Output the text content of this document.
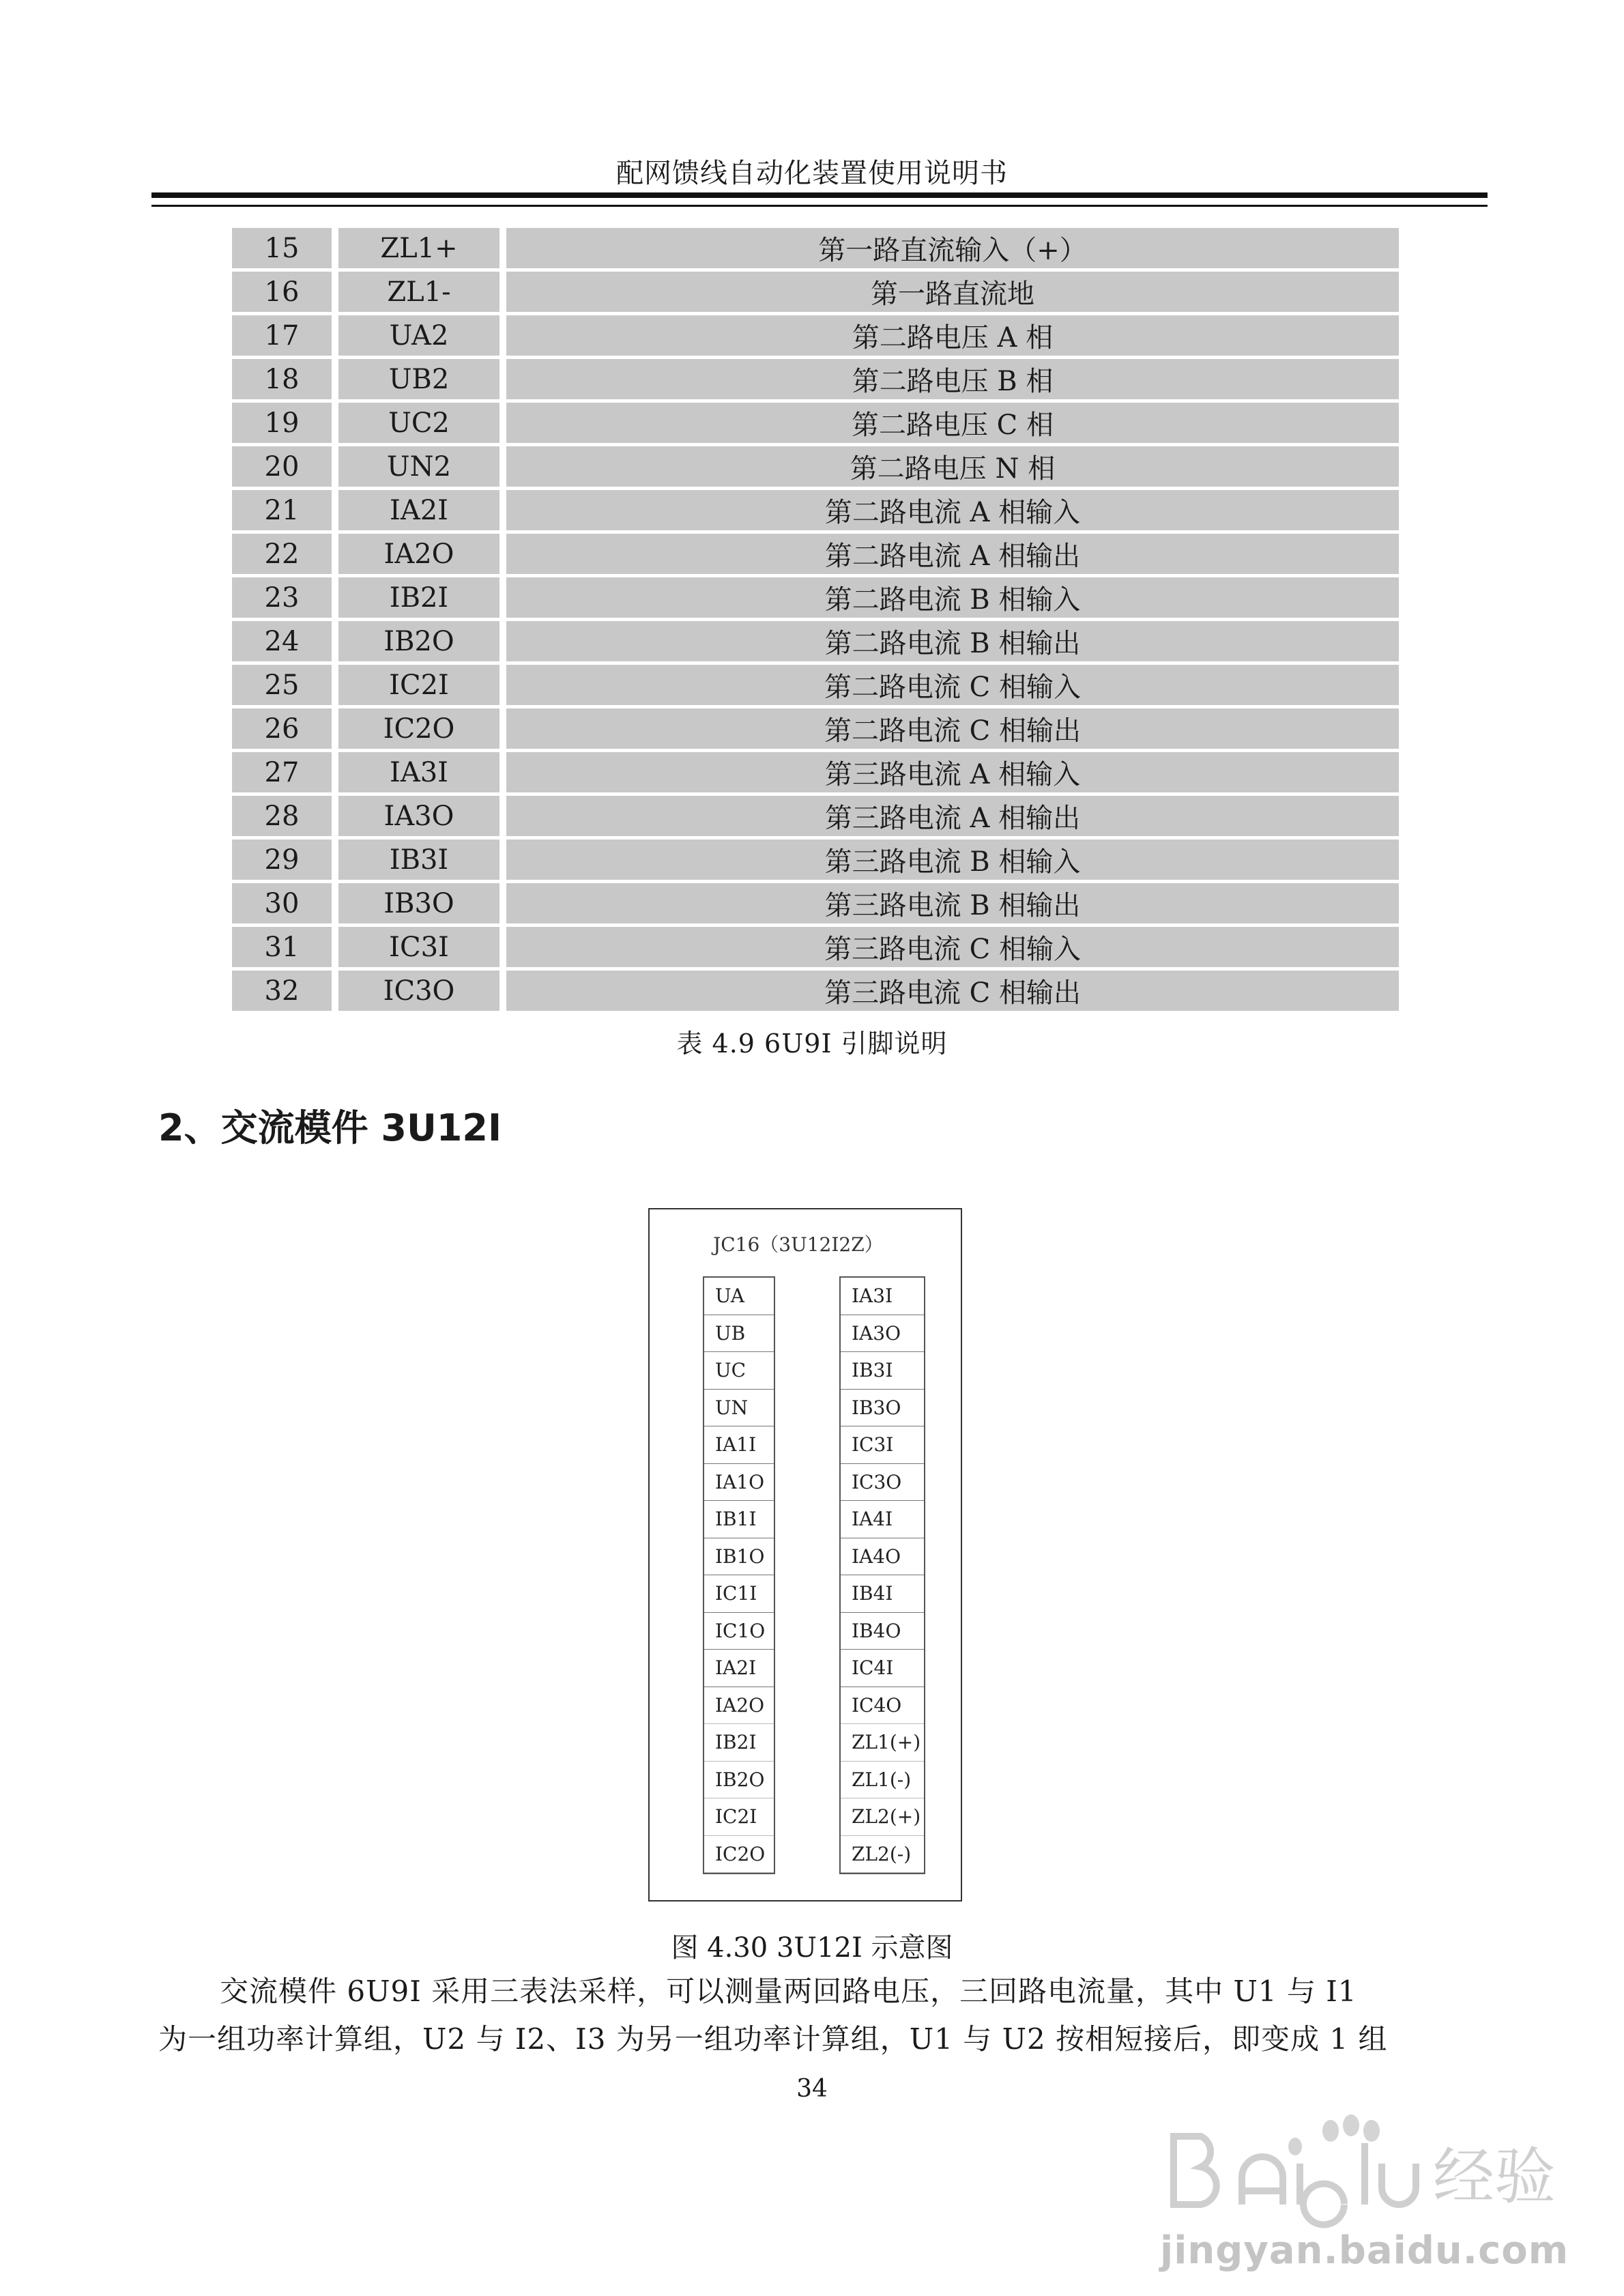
配网馈线自动化装置使用说明书
15	ZL1+	第一路直流输入（+）
16	ZL1-	第一路直流地
17	UA2	第二路电压 A 相
18	UB2	第二路电压 B 相
19	UC2	第二路电压 C 相
20	UN2	第二路电压 N 相
21	IA2I	第二路电流 A 相输入
22	IA2O	第二路电流 A 相输出
23	IB2I	第二路电流 B 相输入
24	IB2O	第二路电流 B 相输出
25	IC2I	第二路电流 C 相输入
26	IC2O	第二路电流 C 相输出
27	IA3I	第三路电流 A 相输入
28	IA3O	第三路电流 A 相输出
29	IB3I	第三路电流 B 相输入
30	IB3O	第三路电流 B 相输出
31	IC3I	第三路电流 C 相输入
32	IC3O	第三路电流 C 相输出
表 4.9 6U9I 引脚说明
2、交流模件 3U12I
JC16（3U12I2Z）
UA
UB
UC
UN
IA1I
IA1O
IB1I
IB1O
IC1I
IC1O
IA2I
IA2O
IB2I
IB2O
IC2I
IC2O
IA3I
IA3O
IB3I
IB3O
IC3I
IC3O
IA4I
IA4O
IB4I
IB4O
IC4I
IC4O
ZL1(+)
ZL1(-)
ZL2(+)
ZL2(-)
图 4.30 3U12I 示意图
交流模件 6U9I 采用三表法采样，可以测量两回路电压，三回路电流量，其中 U1 与 I1
为一组功率计算组，U2 与 I2、I3 为另一组功率计算组，U1 与 U2 按相短接后，即变成 1 组
34
经验
jingyan.baidu.com
